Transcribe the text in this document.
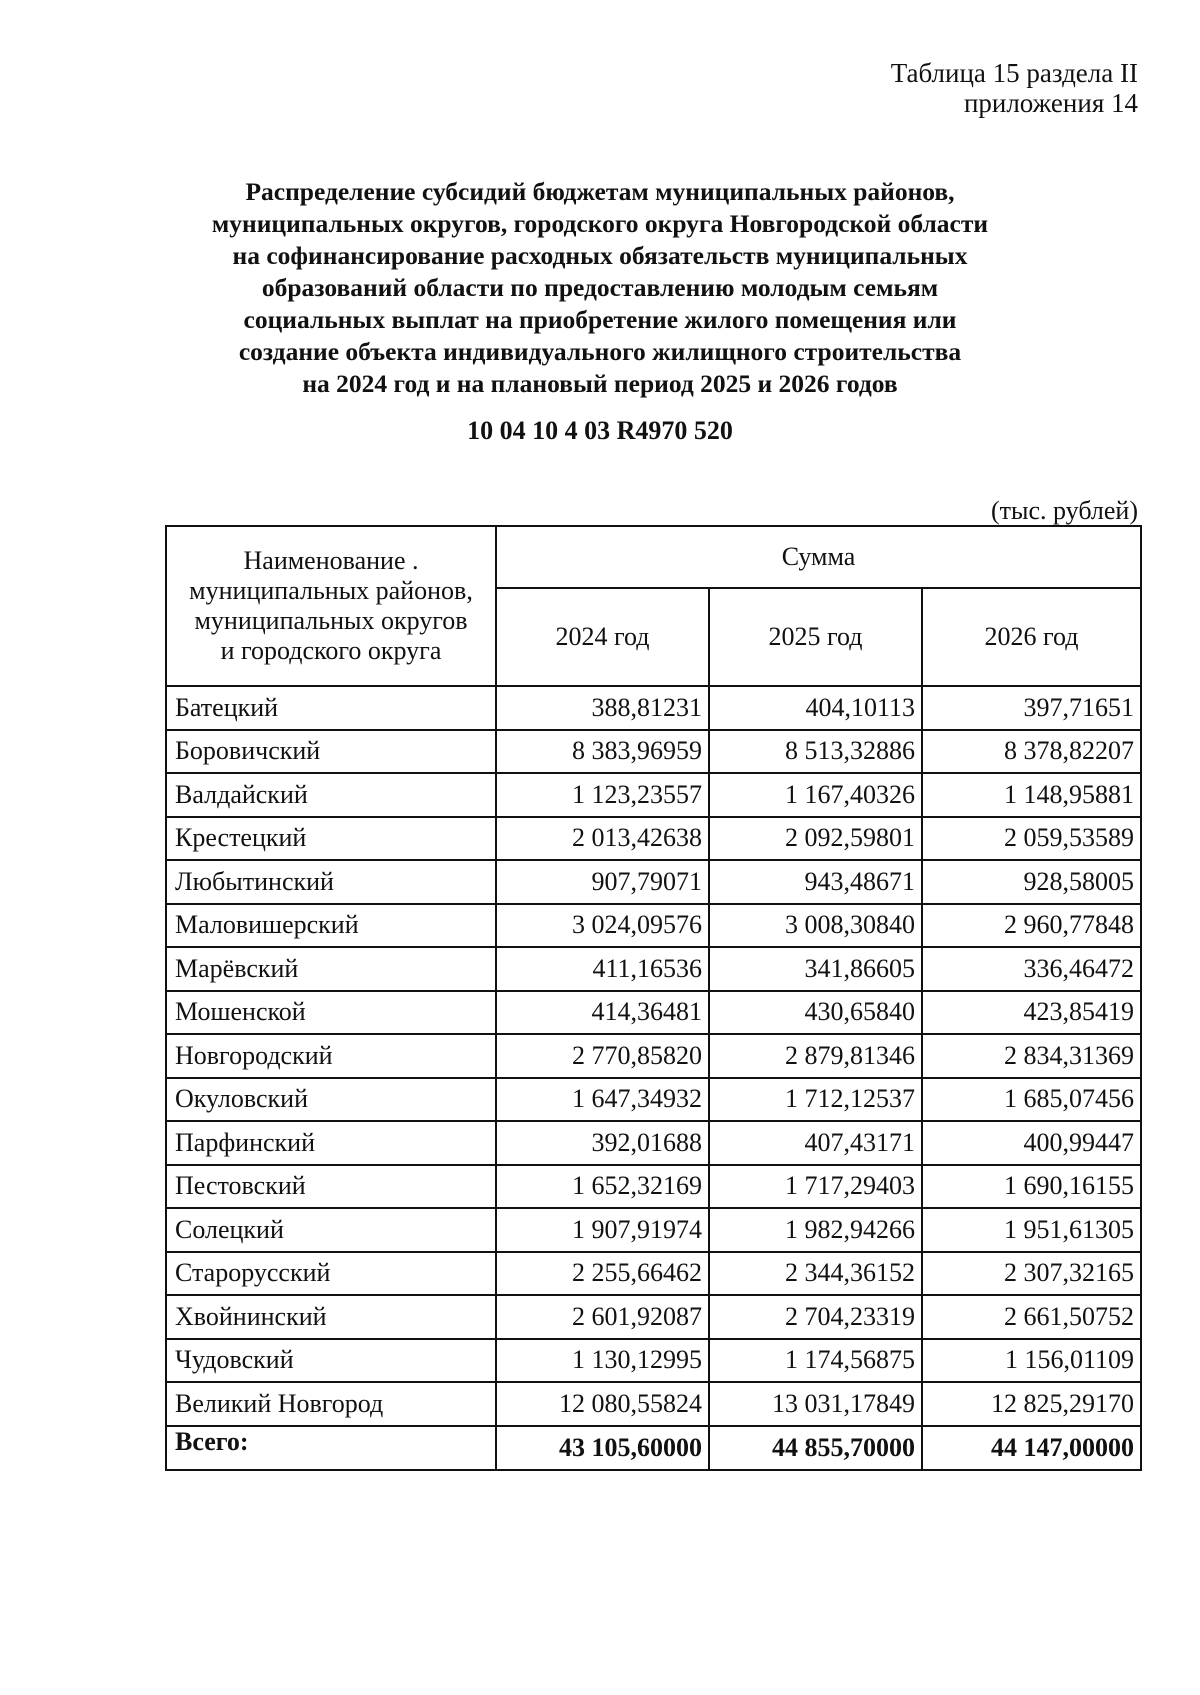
Таблица 15 раздела II
приложения 14
Распределение субсидий бюджетам муниципальных районов,
муниципальных округов, городского округа Новгородской области
на софинансирование расходных обязательств муниципальных
образований области по предоставлению молодым семьям
социальных выплат на приобретение жилого помещения или
создание объекта индивидуального жилищного строительства
на 2024 год и на плановый период 2025 и 2026 годов
10 04 10 4 03 R4970 520
(тыс. рублей)
Наименование .
муниципальных районов,
муниципальных округов
и городского округа	Сумма		
	2024 год	2025 год	2026 год
Батецкий	388,81231	404,10113	397,71651
Боровичский	8 383,96959	8 513,32886	8 378,82207
Валдайский	1 123,23557	1 167,40326	1 148,95881
Крестецкий	2 013,42638	2 092,59801	2 059,53589
Любытинский	907,79071	943,48671	928,58005
Маловишерский	3 024,09576	3 008,30840	2 960,77848
Марёвский	411,16536	341,86605	336,46472
Мошенской	414,36481	430,65840	423,85419
Новгородский	2 770,85820	2 879,81346	2 834,31369
Окуловский	1 647,34932	1 712,12537	1 685,07456
Парфинский	392,01688	407,43171	400,99447
Пестовский	1 652,32169	1 717,29403	1 690,16155
Солецкий	1 907,91974	1 982,94266	1 951,61305
Старорусский	2 255,66462	2 344,36152	2 307,32165
Хвойнинский	2 601,92087	2 704,23319	2 661,50752
Чудовский	1 130,12995	1 174,56875	1 156,01109
Великий Новгород	12 080,55824	13 031,17849	12 825,29170
Всего:	43 105,60000	44 855,70000	44 147,00000
